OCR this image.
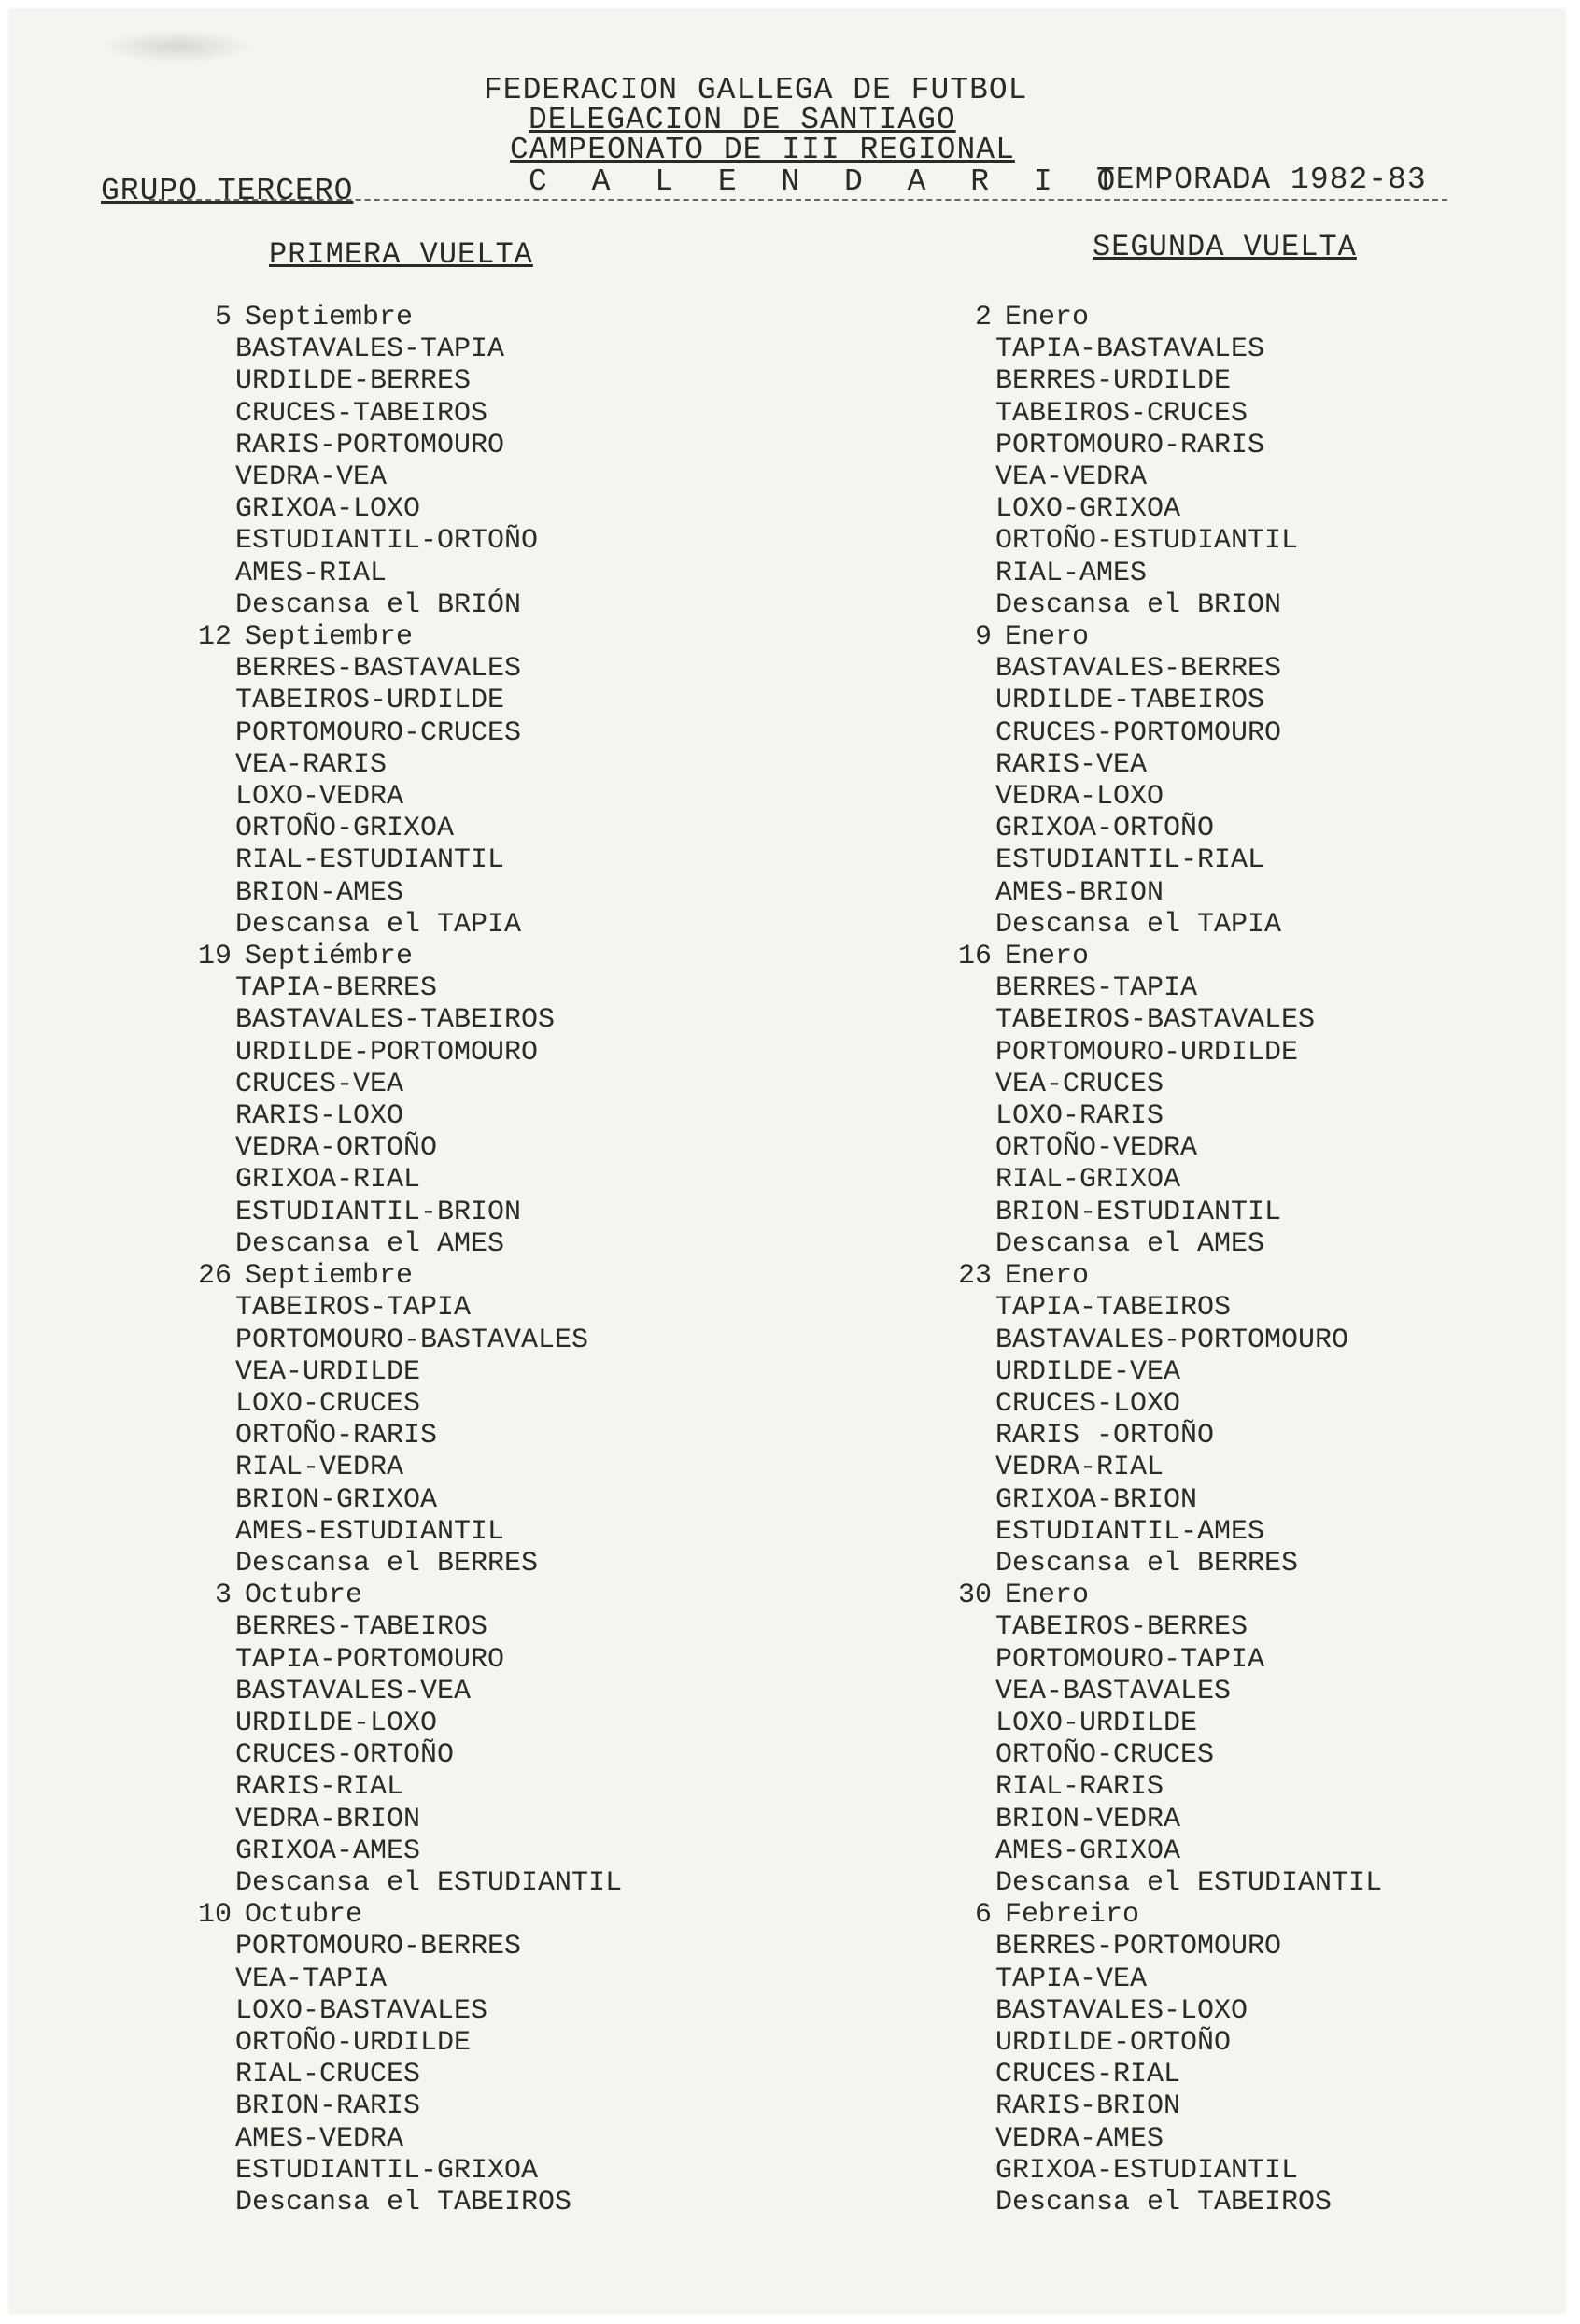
FEDERACION GALLEGA DE FUTBOL
DELEGACION DE SANTIAGO
CAMPEONATO DE III REGIONAL
C A L E N D A R I O
GRUPO TERCERO	TEMPORADA 1982-83
PRIMERA VUELTA	SEGUNDA VUELTA
5 Septiembre
BASTAVALES-TAPIA
URDILDE-BERRES
CRUCES-TABEIROS
RARIS-PORTOMOURO
VEDRA-VEA
GRIXOA-LOXO
ESTUDIANTIL-ORTOÑO
AMES-RIAL
Descansa el BRIÓN
12 Septiembre
BERRES-BASTAVALES
TABEIROS-URDILDE
PORTOMOURO-CRUCES
VEA-RARIS
LOXO-VEDRA
ORTOÑO-GRIXOA
RIAL-ESTUDIANTIL
BRION-AMES
Descansa el TAPIA
19 Septiémbre
TAPIA-BERRES
BASTAVALES-TABEIROS
URDILDE-PORTOMOURO
CRUCES-VEA
RARIS-LOXO
VEDRA-ORTOÑO
GRIXOA-RIAL
ESTUDIANTIL-BRION
Descansa el AMES
26 Septiembre
TABEIROS-TAPIA
PORTOMOURO-BASTAVALES
VEA-URDILDE
LOXO-CRUCES
ORTOÑO-RARIS
RIAL-VEDRA
BRION-GRIXOA
AMES-ESTUDIANTIL
Descansa el BERRES
3 Octubre
BERRES-TABEIROS
TAPIA-PORTOMOURO
BASTAVALES-VEA
URDILDE-LOXO
CRUCES-ORTOÑO
RARIS-RIAL
VEDRA-BRION
GRIXOA-AMES
Descansa el ESTUDIANTIL
10 Octubre
PORTOMOURO-BERRES
VEA-TAPIA
LOXO-BASTAVALES
ORTOÑO-URDILDE
RIAL-CRUCES
BRION-RARIS
AMES-VEDRA
ESTUDIANTIL-GRIXOA
Descansa el TABEIROS
2 Enero
TAPIA-BASTAVALES
BERRES-URDILDE
TABEIROS-CRUCES
PORTOMOURO-RARIS
VEA-VEDRA
LOXO-GRIXOA
ORTOÑO-ESTUDIANTIL
RIAL-AMES
Descansa el BRION
9 Enero
BASTAVALES-BERRES
URDILDE-TABEIROS
CRUCES-PORTOMOURO
RARIS-VEA
VEDRA-LOXO
GRIXOA-ORTOÑO
ESTUDIANTIL-RIAL
AMES-BRION
Descansa el TAPIA
16 Enero
BERRES-TAPIA
TABEIROS-BASTAVALES
PORTOMOURO-URDILDE
VEA-CRUCES
LOXO-RARIS
ORTOÑO-VEDRA
RIAL-GRIXOA
BRION-ESTUDIANTIL
Descansa el AMES
23 Enero
TAPIA-TABEIROS
BASTAVALES-PORTOMOURO
URDILDE-VEA
CRUCES-LOXO
RARIS -ORTOÑO
VEDRA-RIAL
GRIXOA-BRION
ESTUDIANTIL-AMES
Descansa el BERRES
30 Enero
TABEIROS-BERRES
PORTOMOURO-TAPIA
VEA-BASTAVALES
LOXO-URDILDE
ORTOÑO-CRUCES
RIAL-RARIS
BRION-VEDRA
AMES-GRIXOA
Descansa el ESTUDIANTIL
6 Febreiro
BERRES-PORTOMOURO
TAPIA-VEA
BASTAVALES-LOXO
URDILDE-ORTOÑO
CRUCES-RIAL
RARIS-BRION
VEDRA-AMES
GRIXOA-ESTUDIANTIL
Descansa el TABEIROS
